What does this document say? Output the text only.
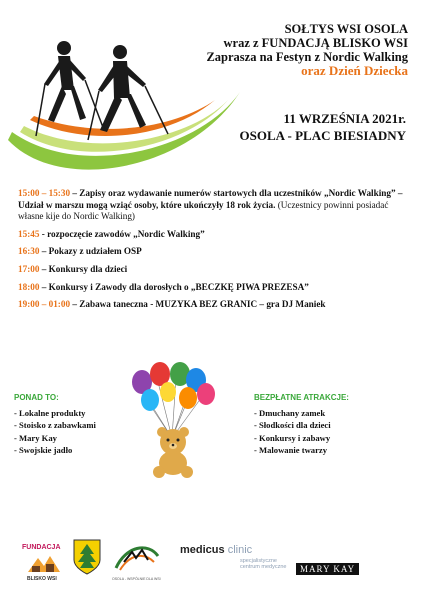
SOŁTYS WSI OSOLA
wraz z FUNDACJĄ BLISKO WSI
Zaprasza na Festyn z Nordic Walking
oraz Dzień Dziecka
11 WRZEŚNIA 2021r.
OSOLA - PLAC BIESIADNY
15:00 – 15:30 – Zapisy oraz wydawanie numerów startowych dla uczestników „Nordic Walking” – Udział w marszu mogą wziąć osoby, które ukończyły 18 rok życia. (Uczestnicy powinni posiadać własne kije do Nordic Walking)
15:45 - rozpoczęcie zawodów „Nordic Walking”
16:30 – Pokazy z udziałem OSP
17:00 – Konkursy dla dzieci
18:00 – Konkursy i Zawody dla dorosłych o „BECZKĘ PIWA PREZESA”
19:00 – 01:00 – Zabawa taneczna - MUZYKA BEZ GRANIC – gra DJ Maniek
PONAD TO:
- Lokalne produkty
- Stoisko z zabawkami
- Mary Kay
- Swojskie jadło
BEZPŁATNE ATRAKCJE:
- Dmuchany zamek
- Słodkości dla dzieci
- Konkursy i zabawy
- Malowanie twarzy
FUNDACJA
BLISKO WSI	OSOLA - WSPÓLNIE DLA WSI
medicus clinic
specjalistyczne centrum medyczne	MARY KAY
